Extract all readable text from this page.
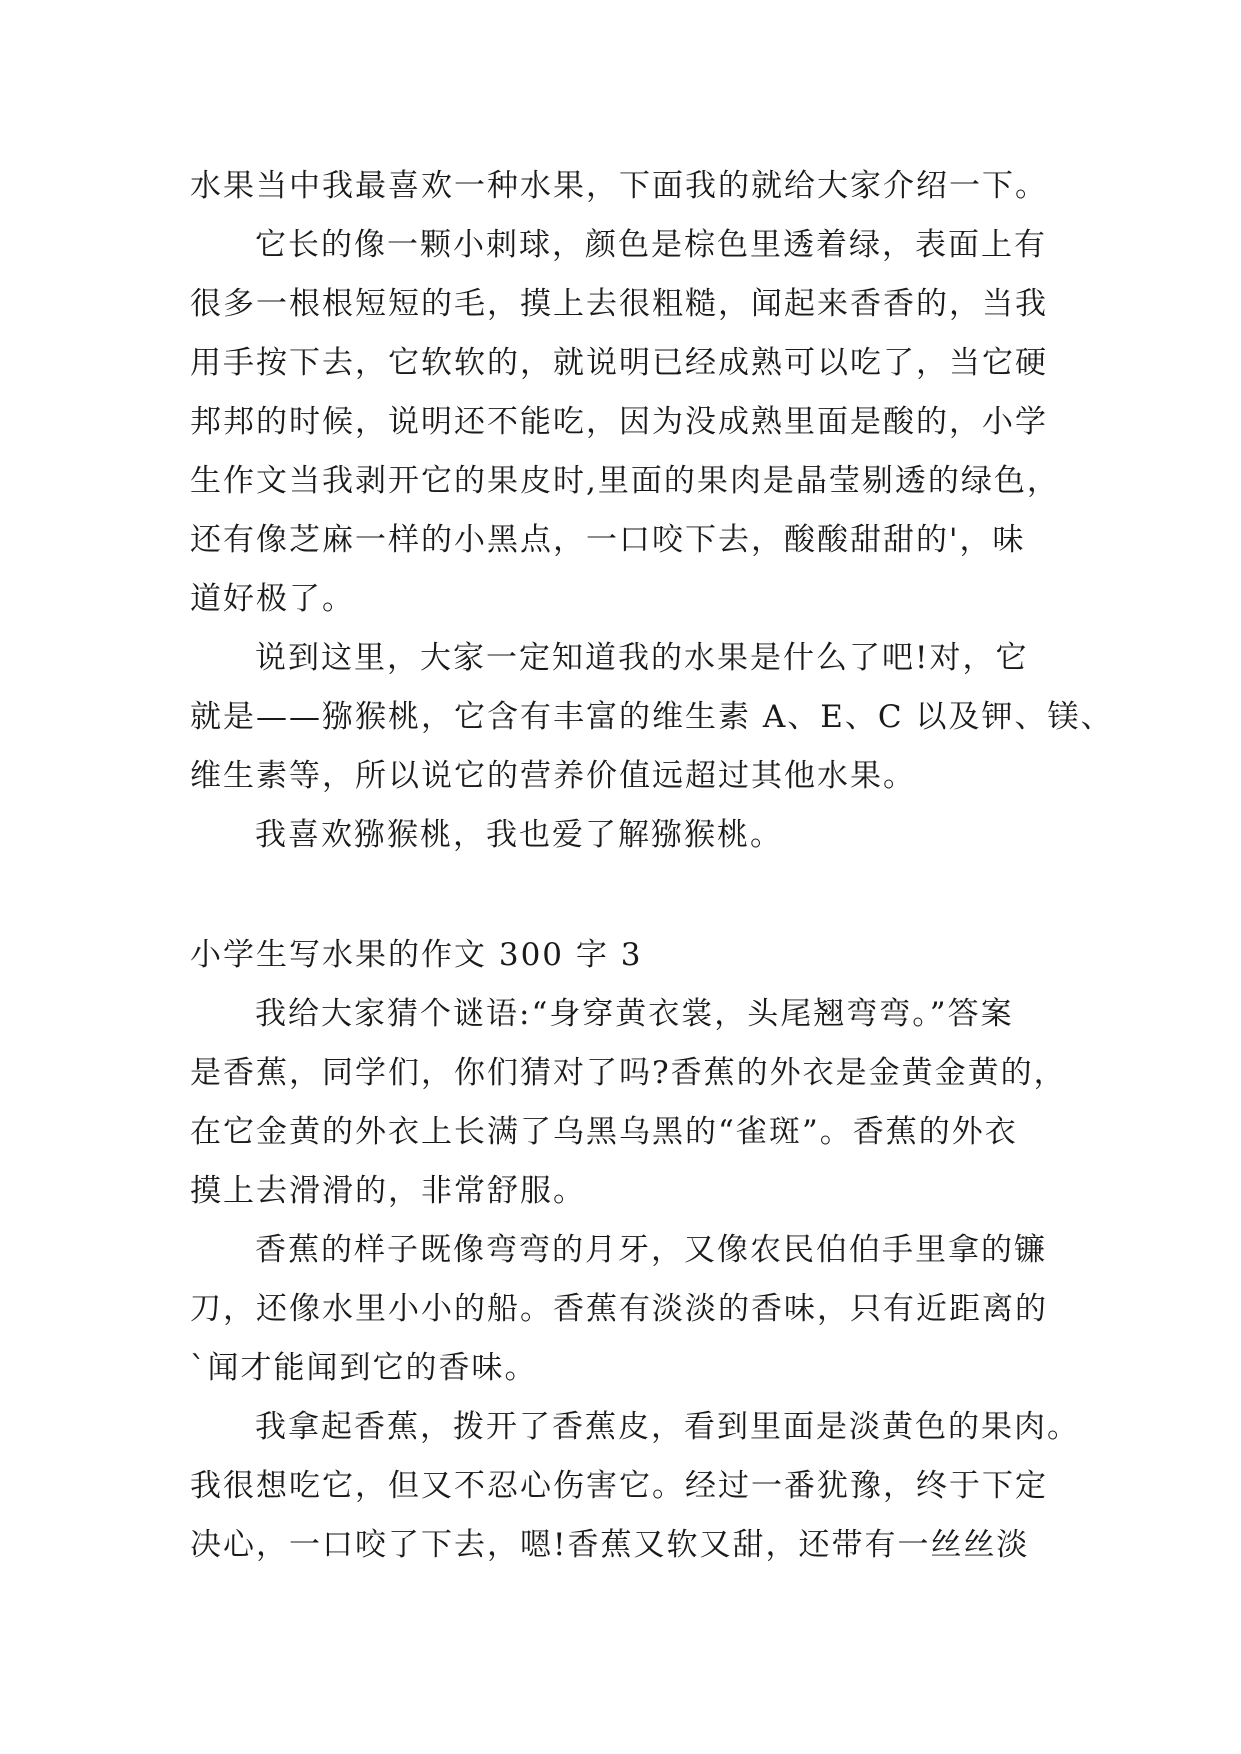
水果当中我最喜欢一种水果，下面我的就给大家介绍一下。
它长的像一颗小刺球，颜色是棕色里透着绿，表面上有
很多一根根短短的毛，摸上去很粗糙，闻起来香香的，当我
用手按下去，它软软的，就说明已经成熟可以吃了，当它硬
邦邦的时候，说明还不能吃，因为没成熟里面是酸的，小学
生作文当我剥开它的果皮时,里面的果肉是晶莹剔透的绿色，
还有像芝麻一样的小黑点，一口咬下去，酸酸甜甜的'，味
道好极了。
说到这里，大家一定知道我的水果是什么了吧!对，它
就是——猕猴桃，它含有丰富的维生素 A、E、C 以及钾、镁、
维生素等，所以说它的营养价值远超过其他水果。
我喜欢猕猴桃，我也爱了解猕猴桃。
小学生写水果的作文 300 字 3
我给大家猜个谜语:“身穿黄衣裳，头尾翘弯弯。”答案
是香蕉，同学们，你们猜对了吗?香蕉的外衣是金黄金黄的，
在它金黄的外衣上长满了乌黑乌黑的“雀斑”。香蕉的外衣
摸上去滑滑的，非常舒服。
香蕉的样子既像弯弯的月牙，又像农民伯伯手里拿的镰
刀，还像水里小小的船。香蕉有淡淡的香味，只有近距离的
`闻才能闻到它的香味。
我拿起香蕉，拨开了香蕉皮，看到里面是淡黄色的果肉。
我很想吃它，但又不忍心伤害它。经过一番犹豫，终于下定
决心，一口咬了下去，嗯!香蕉又软又甜，还带有一丝丝淡
